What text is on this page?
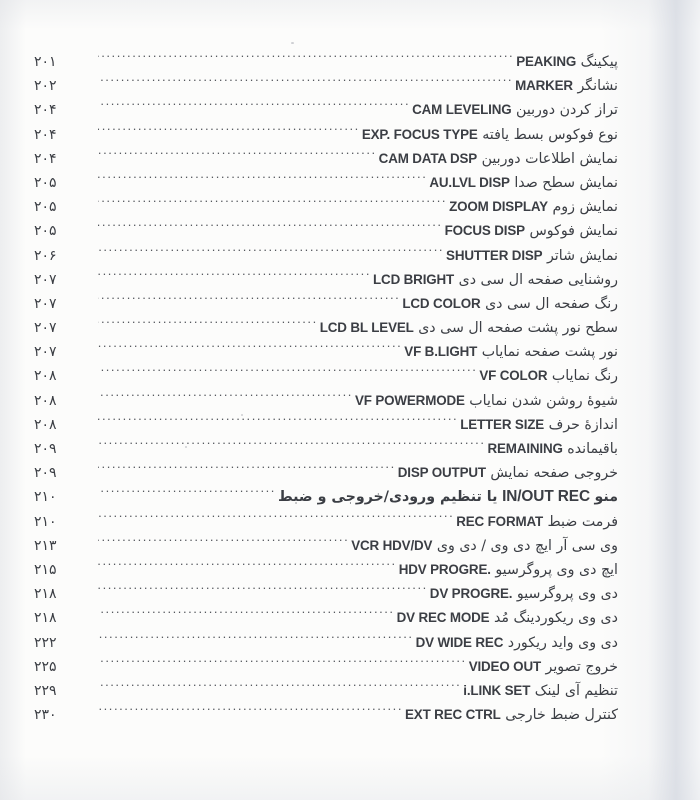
پیکینگ PEAKING
.....
۲۰۱
نشانگر MARKER
.....
۲۰۲
تراز کردن دوربین CAM LEVELING
.....
۲۰۴
نوع فوکوس بسط یافته EXP. FOCUS TYPE
.....
۲۰۴
نمایش اطلاعات دوربین CAM DATA DSP
.....
۲۰۴
نمایش سطح صدا AU.LVL DISP
.....
۲۰۵
نمایش زوم ZOOM DISPLAY
.....
۲۰۵
نمایش فوکوس FOCUS DISP
.....
۲۰۵
نمایش شاتر SHUTTER DISP
.....
۲۰۶
روشنایی صفحه ال سی دی LCD BRIGHT
.....
۲۰۷
رنگ صفحه ال سی دی LCD COLOR
.....
۲۰۷
سطح نور پشت صفحه ال سی دی LCD BL LEVEL
.....
۲۰۷
نور پشت صفحه نمایاب VF B.LIGHT
.....
۲۰۷
رنگ نمایاب VF COLOR
.....
۲۰۸
شیوهٔ روشن شدن نمایاب VF POWERMODE
.....
۲۰۸
اندازهٔ حرف LETTER SIZE
.....
۲۰۸
باقیمانده REMAINING
.....
۲۰۹
خروجی صفحه نمایش DISP OUTPUT
.....
۲۰۹
منو IN/OUT REC یا تنظیم ورودی/خروجی و ضبط
.....
۲۱۰
فرمت ضبط REC FORMAT
.....
۲۱۰
وی سی آر ایچ دی وی / دی وی VCR HDV/DV
.....
۲۱۳
ایچ دی وی پروگرسیو HDV PROGRE.
.....
۲۱۵
دی وی پروگرسیو DV PROGRE.
.....
۲۱۸
دی وی ریکوردینگ مُد DV REC MODE
.....
۲۱۸
دی وی واید ریکورد DV WIDE REC
.....
۲۲۲
خروج تصویر VIDEO OUT
.....
۲۲۵
تنظیم آی لینک i.LINK SET
.....
۲۲۹
کنترل ضبط خارجی EXT REC CTRL
.....
۲۳۰
